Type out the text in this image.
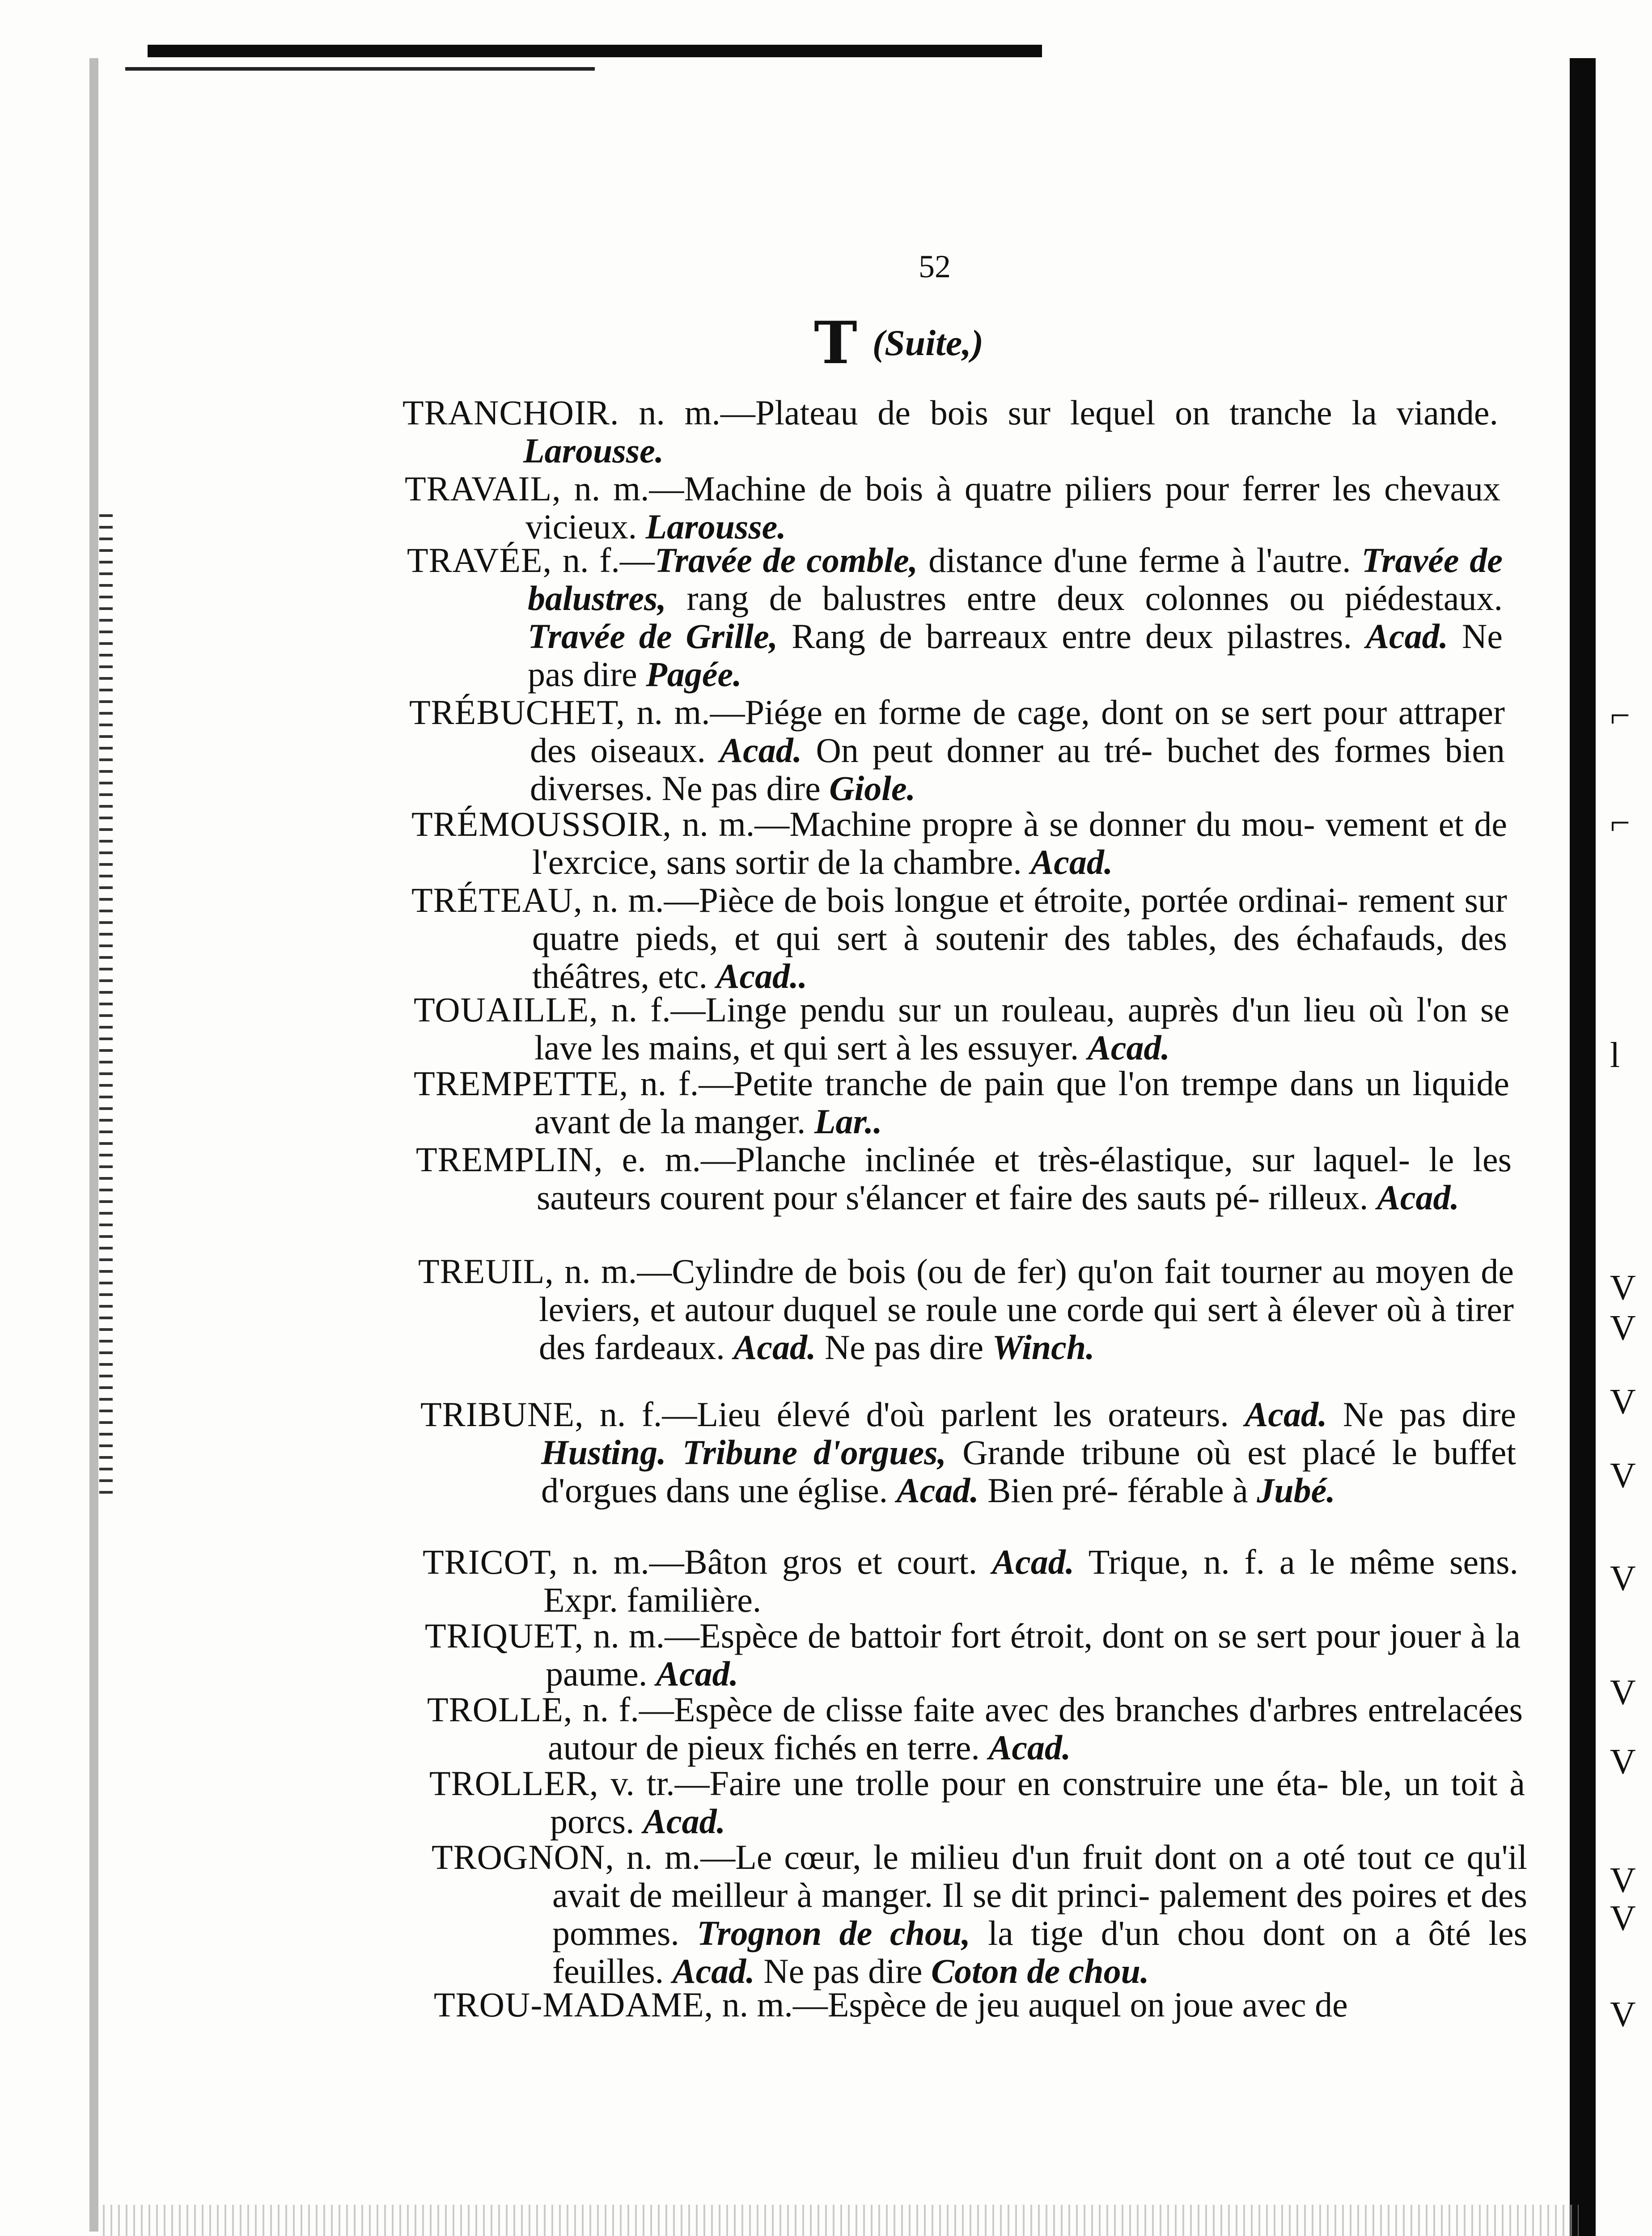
⌐
⌐
l
V
V
V
V
V
V
V
V
V
V
52
T (Suite,)
TRANCHOIR. n. m.—Plateau de bois sur lequel on tranche la viande. Larousse.
TRAVAIL, n. m.—Machine de bois à quatre piliers pour ferrer les chevaux vicieux. Larousse.
TRAVÉE, n. f.—Travée de comble, distance d'une ferme à l'autre. Travée de balustres, rang de balustres entre deux colonnes ou piédestaux. Travée de Grille, Rang de barreaux entre deux pilastres. Acad. Ne pas dire Pagée.
TRÉBUCHET, n. m.—Piége en forme de cage, dont on se sert pour attraper des oiseaux. Acad. On peut donner au tré- buchet des formes bien diverses. Ne pas dire Giole.
TRÉMOUSSOIR, n. m.—Machine propre à se donner du mou- vement et de l'exrcice, sans sortir de la chambre. Acad.
TRÉTEAU, n. m.—Pièce de bois longue et étroite, portée ordinai- rement sur quatre pieds, et qui sert à soutenir des tables, des échafauds, des théâtres, etc. Acad..
TOUAILLE, n. f.—Linge pendu sur un rouleau, auprès d'un lieu où l'on se lave les mains, et qui sert à les essuyer. Acad.
TREMPETTE, n. f.—Petite tranche de pain que l'on trempe dans un liquide avant de la manger. Lar..
TREMPLIN, e. m.—Planche inclinée et très-élastique, sur laquel- le les sauteurs courent pour s'élancer et faire des sauts pé- rilleux. Acad.
TREUIL, n. m.—Cylindre de bois (ou de fer) qu'on fait tourner au moyen de leviers, et autour duquel se roule une corde qui sert à élever où à tirer des fardeaux. Acad. Ne pas dire Winch.
TRIBUNE, n. f.—Lieu élevé d'où parlent les orateurs. Acad. Ne pas dire Husting. Tribune d'orgues, Grande tribune où est placé le buffet d'orgues dans une église. Acad. Bien pré- férable à Jubé.
TRICOT, n. m.—Bâton gros et court. Acad. Trique, n. f. a le même sens. Expr. familière.
TRIQUET, n. m.—Espèce de battoir fort étroit, dont on se sert pour jouer à la paume. Acad.
TROLLE, n. f.—Espèce de clisse faite avec des branches d'arbres entrelacées autour de pieux fichés en terre. Acad.
TROLLER, v. tr.—Faire une trolle pour en construire une éta- ble, un toit à porcs. Acad.
TROGNON, n. m.—Le cœur, le milieu d'un fruit dont on a oté tout ce qu'il avait de meilleur à manger. Il se dit princi- palement des poires et des pommes. Trognon de chou, la tige d'un chou dont on a ôté les feuilles. Acad. Ne pas dire Coton de chou.
TROU-MADAME, n. m.—Espèce de jeu auquel on joue avec de
